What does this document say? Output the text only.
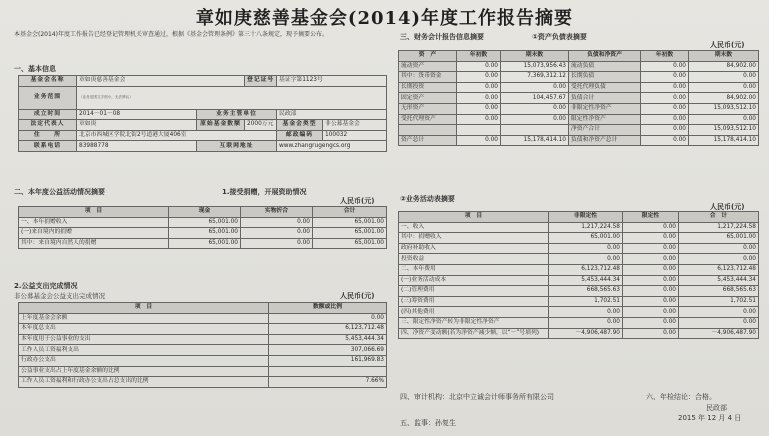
章如庚慈善基金会(2014)年度工作报告摘要
本基金会(2014)年度工作报告已经登记管理机关审查通过，根据《基金会管理条例》第三十八条规定，现予摘要公布。
一、基本信息
基金会名称	章如庚慈善基金会		登记证号	基证字第1123号	
业务范围	（业务范围文字细小，无法辨认）				
成立时间	2014－01－08	业务主管单位		民政部	
法定代表人	章如庚	原始基金数额	2000万元	基金会类型	非公募基金会
住　　所	北京市西城区学院北街2号道港大厦406室			邮政编码	100032
联系电话	83988778	互联网地址		www.zhangrugengcs.org	
二、本年度公益活动情况摘要	1.接受捐赠，开展资助情况
人民币(元)
项　目	现金	实物折合	合计
一、本年捐赠收入	65,001.00	0.00	65,001.00
(一)来自境内的捐赠	65,001.00	0.00	65,001.00
其中：来自境内自然人的捐赠	65,001.00	0.00	65,001.00
2.公益支出完成情况
非公募基金会公益支出完成情况	人民币(元)
项　目	数额或比例
上年度基金会余额	0.00
本年度总支出	6,123,712.48
本年度用于公益事业的支出	5,453,444.34
工作人员工资福利支出	307,066.69
行政办公支出	161,969.83
公益事业支出占上年度基金余额的比例	
工作人员工资福利和行政办公支出占总支出的比例	7.66%
三、财务会计报告信息摘要	①资产负债表摘要
人民币(元)
资　产	年初数	期末数	负债和净资产	年初数	期末数
流动资产	0.00	15,073,956.43	流动负债	0.00	84,902.00
其中：货币资金	0.00	7,369,312.12	长期负债	0.00	0.00
长期投资	0.00	0.00	受托代理负债	0.00	0.00
固定资产	0.00	104,457.67	负债合计	0.00	84,902.00
无形资产	0.00	0.00	非限定性净资产	0.00	15,093,512.10
受托代理资产	0.00	0.00	限定性净资产	0.00	0.00
			净资产合计	0.00	15,093,512.10
资产总计	0.00	15,178,414.10	负债和净资产总计	0.00	15,178,414.10
②业务活动表摘要
人民币(元)
项　目	非限定性	限定性	合　计
一、收入	1,217,224.58	0.00	1,217,224.58
其中：捐赠收入	65,001.00	0.00	65,001.00
政府补助收入	0.00	0.00	0.00
投资收益	0.00	0.00	0.00
二、本年费用	6,123,712.48	0.00	6,123,712.48
(一)业务活动成本	5,453,444.34	0.00	5,453,444.34
(二)管理费用	668,565.63	0.00	668,565.63
(三)筹资费用	1,702.51	0.00	1,702.51
(四)其他费用	0.00	0.00	0.00
三、限定性净资产转为非限定性净资产	0.00	0.00	0.00
四、净资产变动额(若为净资产减少额，以“－”号填列)	－4,906,487.90	0.00	－4,906,487.90
四、审计机构：北京中立诚会计师事务所有限公司	六、年检结论：合格。
民政部
2015 年 12 月 4 日
五、监事：孙复生
